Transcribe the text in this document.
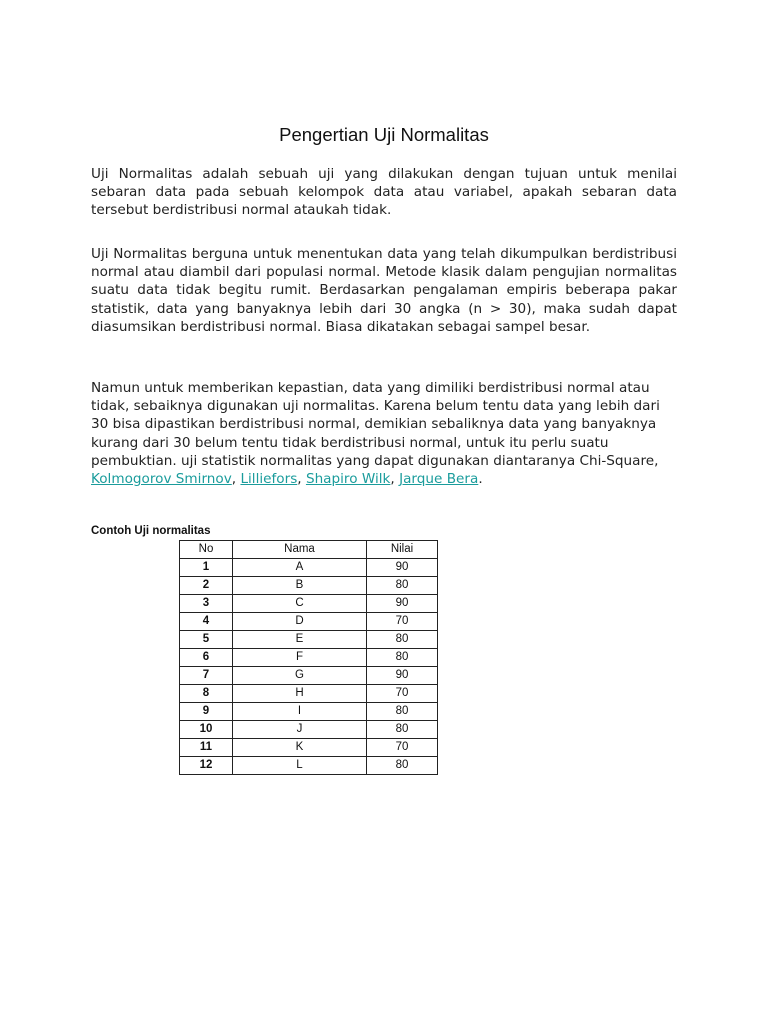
Pengertian Uji Normalitas

Uji Normalitas adalah sebuah uji yang dilakukan dengan tujuan untuk menilai sebaran data pada sebuah kelompok data atau variabel, apakah sebaran data tersebut berdistribusi normal ataukah tidak.

Uji Normalitas berguna untuk menentukan data yang telah dikumpulkan berdistribusi normal atau diambil dari populasi normal. Metode klasik dalam pengujian normalitas suatu data tidak begitu rumit. Berdasarkan pengalaman empiris beberapa pakar statistik, data yang banyaknya lebih dari 30 angka (n > 30), maka sudah dapat diasumsikan berdistribusi normal. Biasa dikatakan sebagai sampel besar.

Namun untuk memberikan kepastian, data yang dimiliki berdistribusi normal atau tidak, sebaiknya digunakan uji normalitas. Karena belum tentu data yang lebih dari 30 bisa dipastikan berdistribusi normal, demikian sebaliknya data yang banyaknya kurang dari 30 belum tentu tidak berdistribusi normal, untuk itu perlu suatu pembuktian. uji statistik normalitas yang dapat digunakan diantaranya Chi-Square, Kolmogorov Smirnov, Lilliefors, Shapiro Wilk, Jarque Bera.

Contoh Uji normalitas

No	Nama	Nilai
1	A	90
2	B	80
3	C	90
4	D	70
5	E	80
6	F	80
7	G	90
8	H	70
9	I	80
10	J	80
11	K	70
12	L	80
